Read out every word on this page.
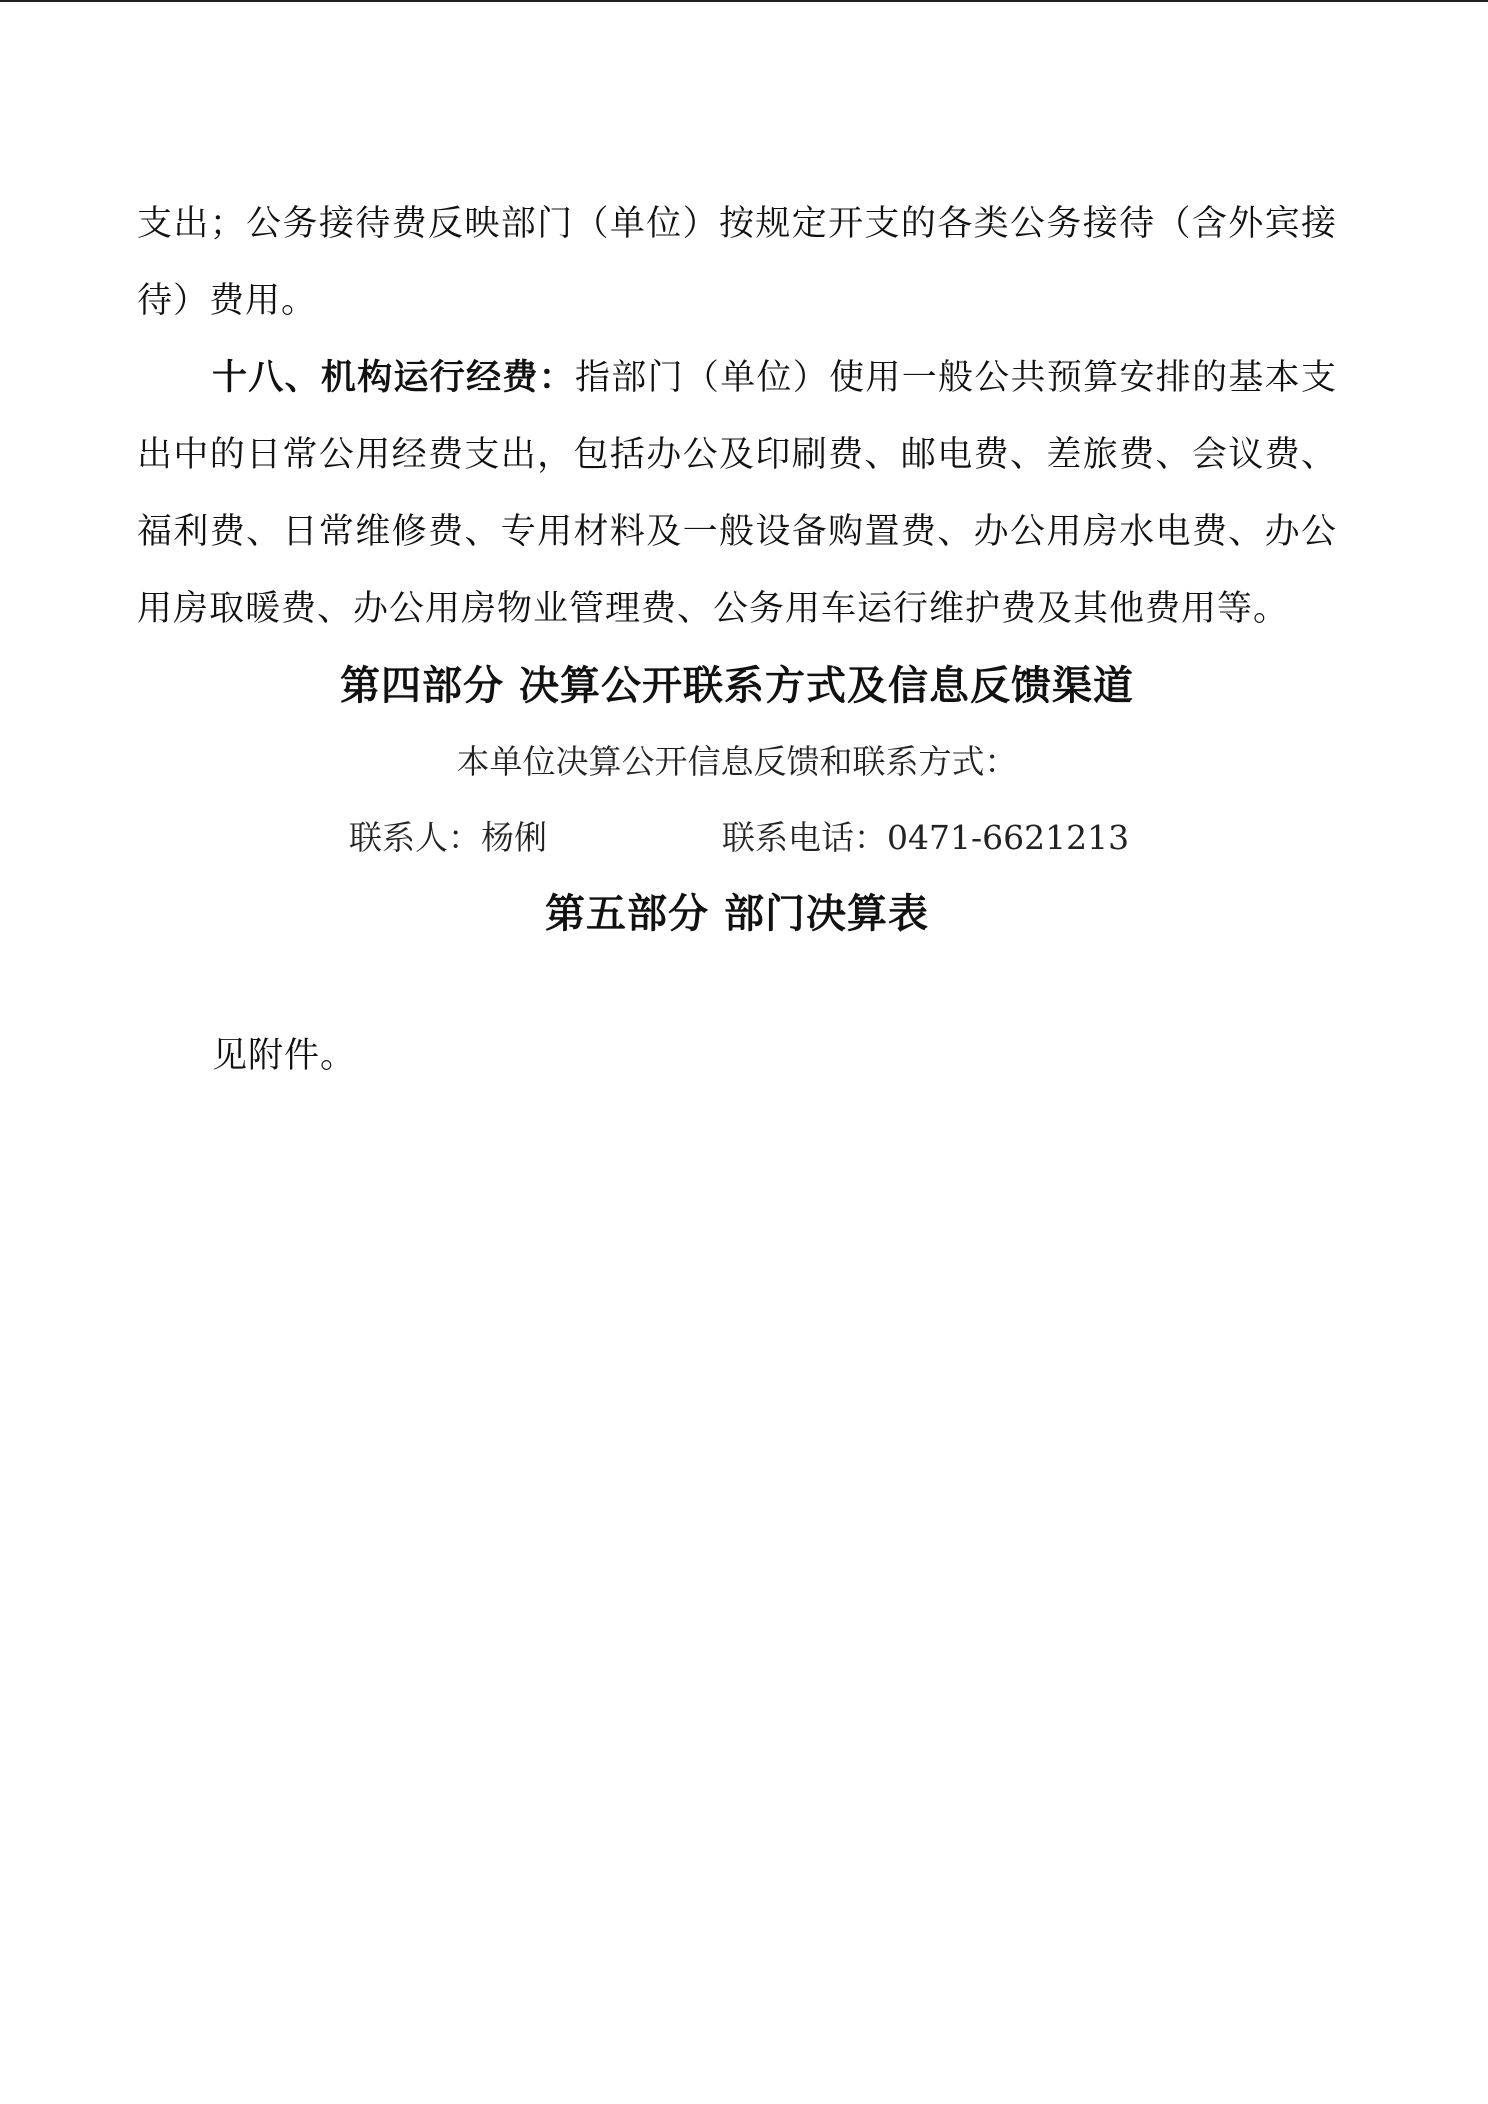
支出；公务接待费反映部门（单位）按规定开支的各类公务接待（含外宾接待）费用。

十八、机构运行经费：指部门（单位）使用一般公共预算安排的基本支出中的日常公用经费支出，包括办公及印刷费、邮电费、差旅费、会议费、福利费、日常维修费、专用材料及一般设备购置费、办公用房水电费、办公用房取暖费、办公用房物业管理费、公务用车运行维护费及其他费用等。

第四部分 决算公开联系方式及信息反馈渠道

本单位决算公开信息反馈和联系方式：

联系人：杨俐	联系电话：0471-6621213
第五部分 部门决算表

见附件。
